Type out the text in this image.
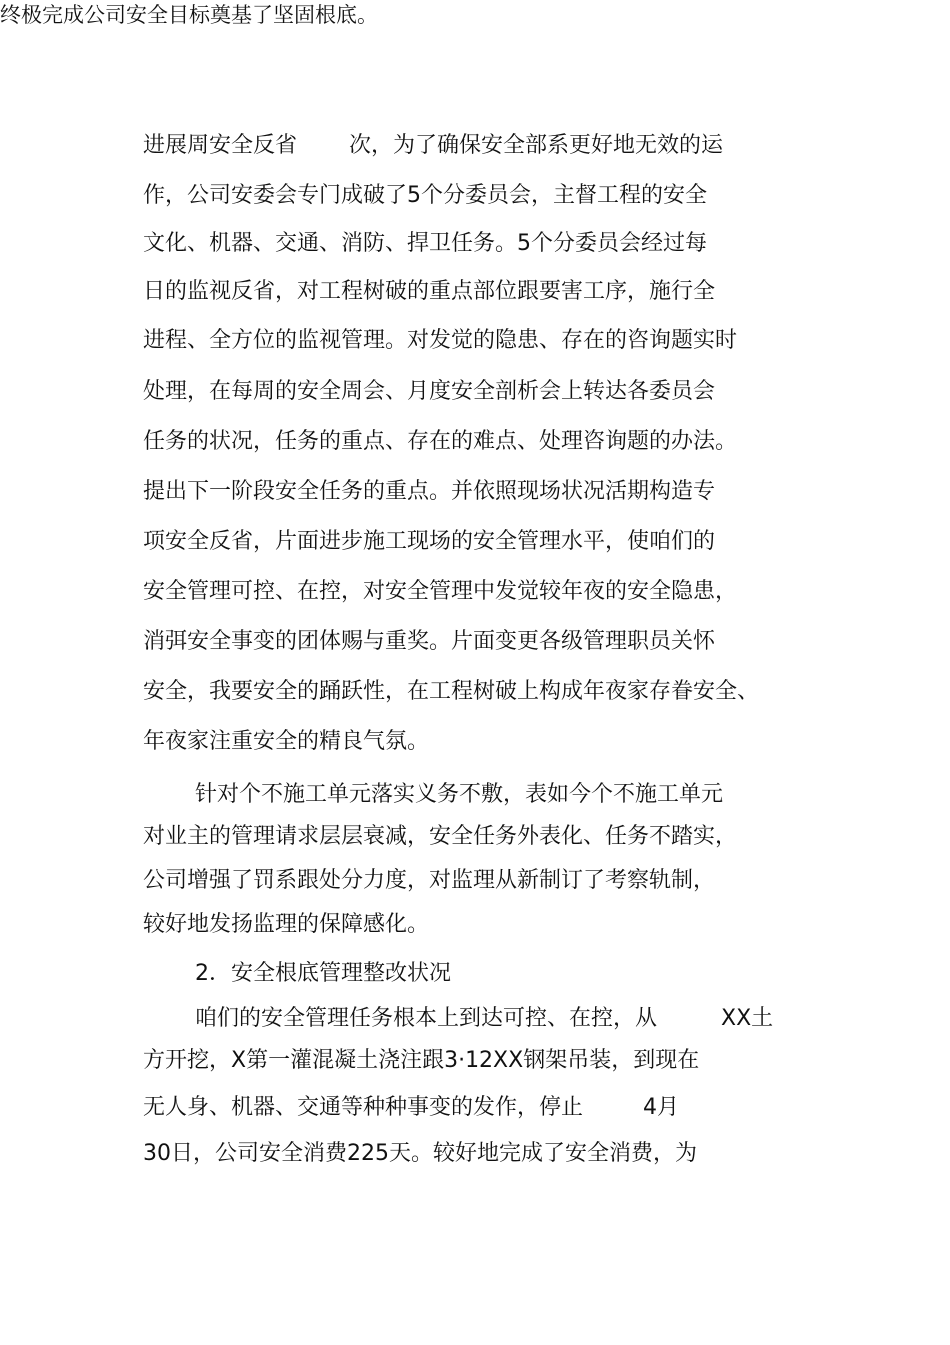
终极完成公司安全目标奠基了坚固根底。

进展周安全反省 次，为了确保安全部系更好地无效的运

作，公司安委会专门成破了5个分委员会，主督工程的安全

文化、机器、交通、消防、捍卫任务。5个分委员会经过每

日的监视反省，对工程树破的重点部位跟要害工序，施行全

进程、全方位的监视管理。对发觉的隐患、存在的咨询题实时

处理，在每周的安全周会、月度安全剖析会上转达各委员会

任务的状况，任务的重点、存在的难点、处理咨询题的办法。

提出下一阶段安全任务的重点。并依照现场状况活期构造专

项安全反省，片面进步施工现场的安全管理水平，使咱们的

安全管理可控、在控，对安全管理中发觉较年夜的安全隐患，

消弭安全事变的团体赐与重奖。片面变更各级管理职员关怀

安全，我要安全的踊跃性，在工程树破上构成年夜家存眷安全、

年夜家注重安全的精良气氛。

针对个不施工单元落实义务不敷，表如今个不施工单元

对业主的管理请求层层衰减，安全任务外表化、任务不踏实，

公司增强了罚系跟处分力度，对监理从新制订了考察轨制，

较好地发扬监理的保障感化。

2．安全根底管理整改状况

咱们的安全管理任务根本上到达可控、在控，从	XX土

方开挖，X第一灌混凝土浇注跟3·12XX钢架吊装，到现在

无人身、机器、交通等种种事变的发作，停止	4月

30日，公司安全消费225天。较好地完成了安全消费，为
